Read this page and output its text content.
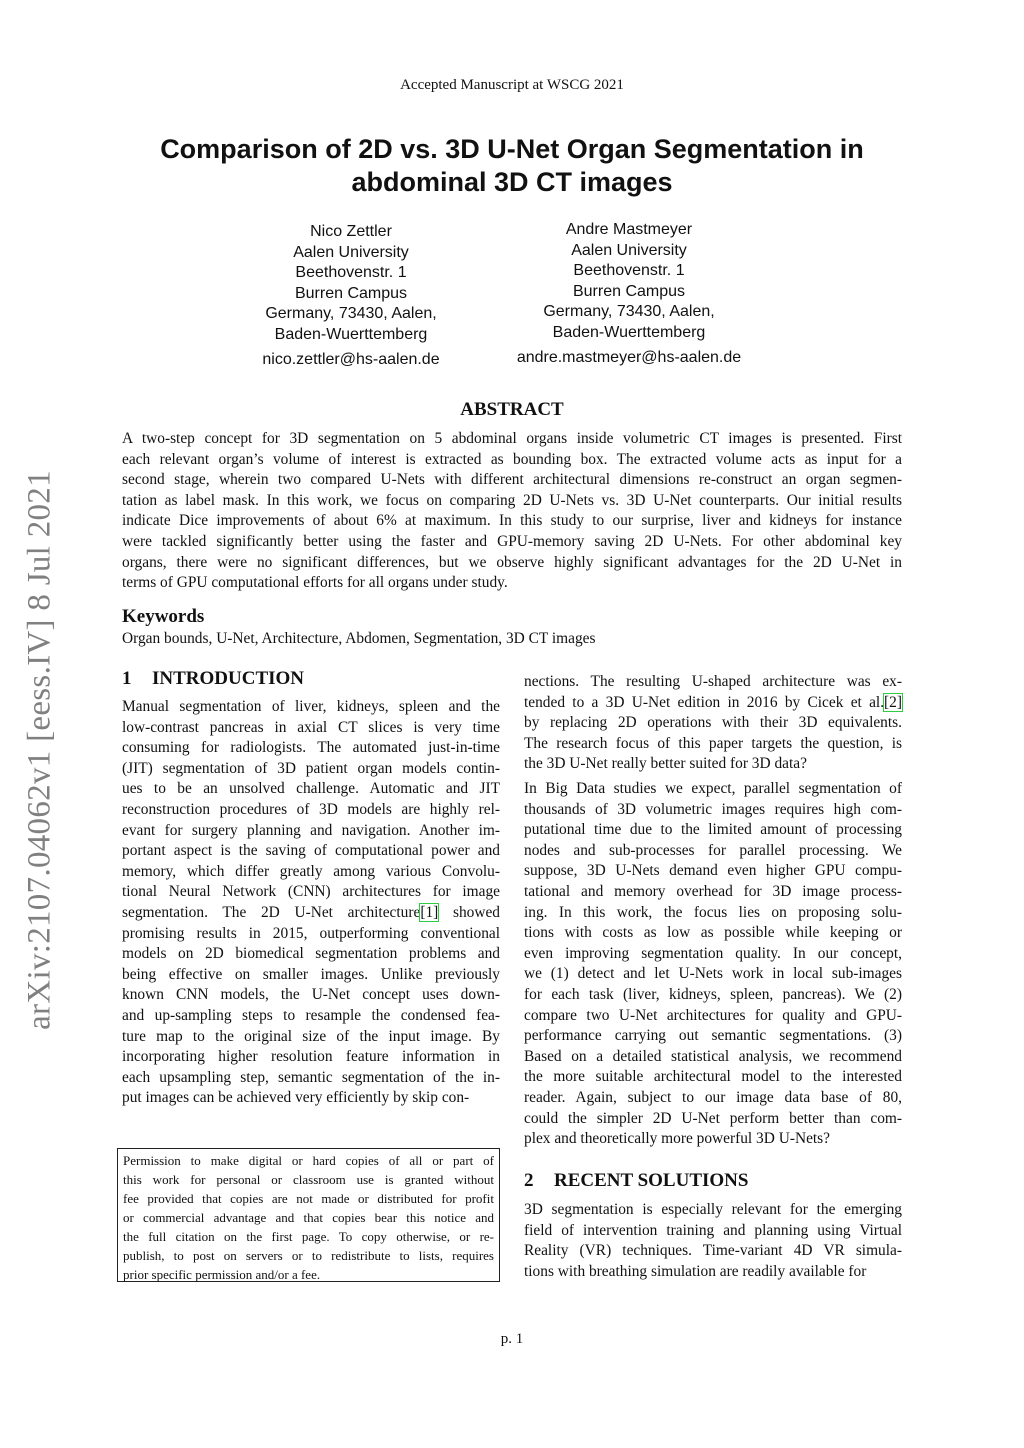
Accepted Manuscript at WSCG 2021
Comparison of 2D vs. 3D U-Net Organ Segmentation in
abdominal 3D CT images
Nico Zettler
Aalen University
Beethovenstr. 1
Burren Campus
Germany, 73430, Aalen,
Baden-Wuerttemberg
nico.zettler@hs-aalen.de
Andre Mastmeyer
Aalen University
Beethovenstr. 1
Burren Campus
Germany, 73430, Aalen,
Baden-Wuerttemberg
andre.mastmeyer@hs-aalen.de
ABSTRACT
A two-step concept for 3D segmentation on 5 abdominal organs inside volumetric CT images is presented. First
each relevant organ’s volume of interest is extracted as bounding box. The extracted volume acts as input for a
second stage, wherein two compared U-Nets with different architectural dimensions re-construct an organ segmen-
tation as label mask. In this work, we focus on comparing 2D U-Nets vs. 3D U-Net counterparts. Our initial results
indicate Dice improvements of about 6% at maximum. In this study to our surprise, liver and kidneys for instance
were tackled significantly better using the faster and GPU-memory saving 2D U-Nets. For other abdominal key
organs, there were no significant differences, but we observe highly significant advantages for the 2D U-Net in
terms of GPU computational efforts for all organs under study.
Keywords
Organ bounds, U-Net, Architecture, Abdomen, Segmentation, 3D CT images
1 INTRODUCTION
Manual segmentation of liver, kidneys, spleen and the
low-contrast pancreas in axial CT slices is very time
consuming for radiologists. The automated just-in-time
(JIT) segmentation of 3D patient organ models contin-
ues to be an unsolved challenge. Automatic and JIT
reconstruction procedures of 3D models are highly rel-
evant for surgery planning and navigation. Another im-
portant aspect is the saving of computational power and
memory, which differ greatly among various Convolu-
tional Neural Network (CNN) architectures for image
segmentation. The 2D U-Net architecture[1] showed
promising results in 2015, outperforming conventional
models on 2D biomedical segmentation problems and
being effective on smaller images. Unlike previously
known CNN models, the U-Net concept uses down-
and up-sampling steps to resample the condensed fea-
ture map to the original size of the input image. By
incorporating higher resolution feature information in
each upsampling step, semantic segmentation of the in-
put images can be achieved very efficiently by skip con-
nections. The resulting U-shaped architecture was ex-
tended to a 3D U-Net edition in 2016 by Cicek et al.[2]
by replacing 2D operations with their 3D equivalents.
The research focus of this paper targets the question, is
the 3D U-Net really better suited for 3D data?
In Big Data studies we expect, parallel segmentation of
thousands of 3D volumetric images requires high com-
putational time due to the limited amount of processing
nodes and sub-processes for parallel processing. We
suppose, 3D U-Nets demand even higher GPU compu-
tational and memory overhead for 3D image process-
ing. In this work, the focus lies on proposing solu-
tions with costs as low as possible while keeping or
even improving segmentation quality. In our concept,
we (1) detect and let U-Nets work in local sub-images
for each task (liver, kidneys, spleen, pancreas). We (2)
compare two U-Net architectures for quality and GPU-
performance carrying out semantic segmentations. (3)
Based on a detailed statistical analysis, we recommend
the more suitable architectural model to the interested
reader. Again, subject to our image data base of 80,
could the simpler 2D U-Net perform better than com-
plex and theoretically more powerful 3D U-Nets?
2 RECENT SOLUTIONS
3D segmentation is especially relevant for the emerging
field of intervention training and planning using Virtual
Reality (VR) techniques. Time-variant 4D VR simula-
tions with breathing simulation are readily available for
Permission to make digital or hard copies of all or part of
this work for personal or classroom use is granted without
fee provided that copies are not made or distributed for profit
or commercial advantage and that copies bear this notice and
the full citation on the first page. To copy otherwise, or re-
publish, to post on servers or to redistribute to lists, requires
prior specific permission and/or a fee.
p. 1
arXiv:2107.04062v1 [eess.IV] 8 Jul 2021
